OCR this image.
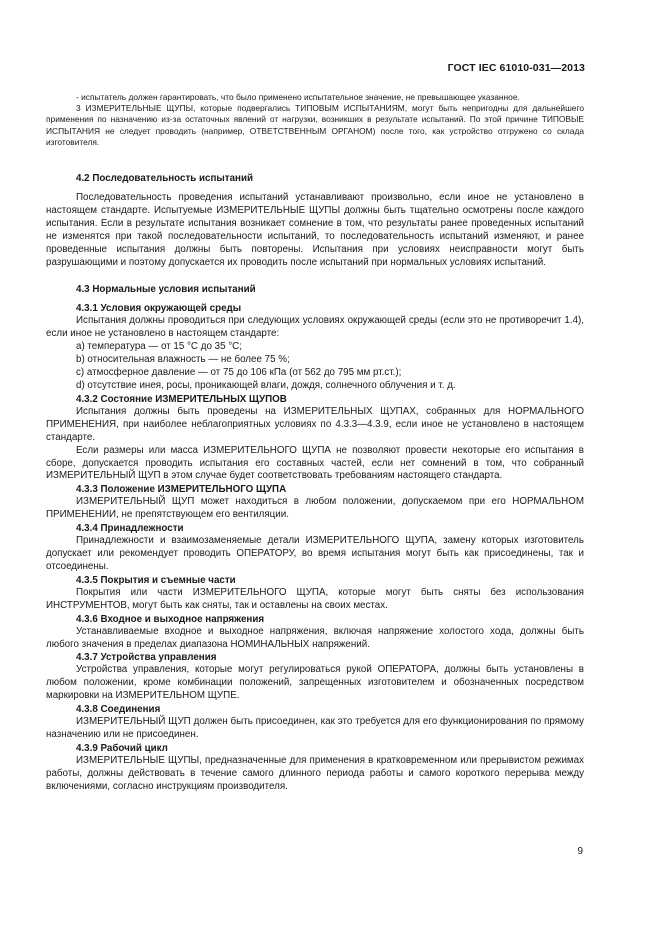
ГОСТ IEC 61010-031—2013

- испытатель должен гарантировать, что было применено испытательное значение, не превышающее указанное.

3 ИЗМЕРИТЕЛЬНЫЕ ЩУПЫ, которые подвергались ТИПОВЫМ ИСПЫТАНИЯМ, могут быть непригодны для дальнейшего применения по назначению из-за остаточных явлений от нагрузки, возникших в результате испытаний. По этой причине ТИПОВЫЕ ИСПЫТАНИЯ не следует проводить (например, ОТВЕТСТВЕННЫМ ОРГАНОМ) после того, как устройство отгружено со склада изготовителя.

4.2 Последовательность испытаний

Последовательность проведения испытаний устанавливают произвольно, если иное не установлено в настоящем стандарте. Испытуемые ИЗМЕРИТЕЛЬНЫЕ ЩУПЫ должны быть тщательно осмотрены после каждого испытания. Если в результате испытания возникает сомнение в том, что результаты ранее проведенных испытаний не изменятся при такой последовательности испытаний, то последовательность испытаний изменяют, и ранее проведенные испытания должны быть повторены. Испытания при условиях неисправности могут быть разрушающими и поэтому допускается их проводить после испытаний при нормальных условиях испытаний.

4.3 Нормальные условия испытаний

4.3.1 Условия окружающей среды

Испытания должны проводиться при следующих условиях окружающей среды (если это не противоречит 1.4), если иное не установлено в настоящем стандарте:

a) температура — от 15 °С до 35 °С;

b) относительная влажность — не более 75 %;

c) атмосферное давление — от 75 до 106 кПа (от 562 до 795 мм рт.ст.);

d) отсутствие инея, росы, проникающей влаги, дождя, солнечного облучения и т. д.

4.3.2 Состояние ИЗМЕРИТЕЛЬНЫХ ЩУПОВ

Испытания должны быть проведены на ИЗМЕРИТЕЛЬНЫХ ЩУПАХ, собранных для НОРМАЛЬНОГО ПРИМЕНЕНИЯ, при наиболее неблагоприятных условиях по 4.3.3—4.3.9, если иное не установлено в настоящем стандарте.

Если размеры или масса ИЗМЕРИТЕЛЬНОГО ЩУПА не позволяют провести некоторые его испытания в сборе, допускается проводить испытания его составных частей, если нет сомнений в том, что собранный ИЗМЕРИТЕЛЬНЫЙ ЩУП в этом случае будет соответствовать требованиям настоящего стандарта.

4.3.3 Положение ИЗМЕРИТЕЛЬНОГО ЩУПА

ИЗМЕРИТЕЛЬНЫЙ ЩУП может находиться в любом положении, допускаемом при его НОРМАЛЬНОМ ПРИМЕНЕНИИ, не препятствующем его вентиляции.

4.3.4 Принадлежности

Принадлежности и взаимозаменяемые детали ИЗМЕРИТЕЛЬНОГО ЩУПА, замену которых изготовитель допускает или рекомендует проводить ОПЕРАТОРУ, во время испытания могут быть как присоединены, так и отсоединены.

4.3.5 Покрытия и съемные части

Покрытия или части ИЗМЕРИТЕЛЬНОГО ЩУПА, которые могут быть сняты без использования ИНСТРУМЕНТОВ, могут быть как сняты, так и оставлены на своих местах.

4.3.6 Входное и выходное напряжения

Устанавливаемые входное и выходное напряжения, включая напряжение холостого хода, должны быть любого значения в пределах диапазона НОМИНАЛЬНЫХ напряжений.

4.3.7 Устройства управления

Устройства управления, которые могут регулироваться рукой ОПЕРАТОРА, должны быть установлены в любом положении, кроме комбинации положений, запрещенных изготовителем и обозначенных посредством маркировки на ИЗМЕРИТЕЛЬНОМ ЩУПЕ.

4.3.8 Соединения

ИЗМЕРИТЕЛЬНЫЙ ЩУП должен быть присоединен, как это требуется для его функционирования по прямому назначению или не присоединен.

4.3.9 Рабочий цикл

ИЗМЕРИТЕЛЬНЫЕ ЩУПЫ, предназначенные для применения в кратковременном или прерывистом режимах работы, должны действовать в течение самого длинного периода работы и самого короткого перерыва между включениями, согласно инструкциям производителя.

9
